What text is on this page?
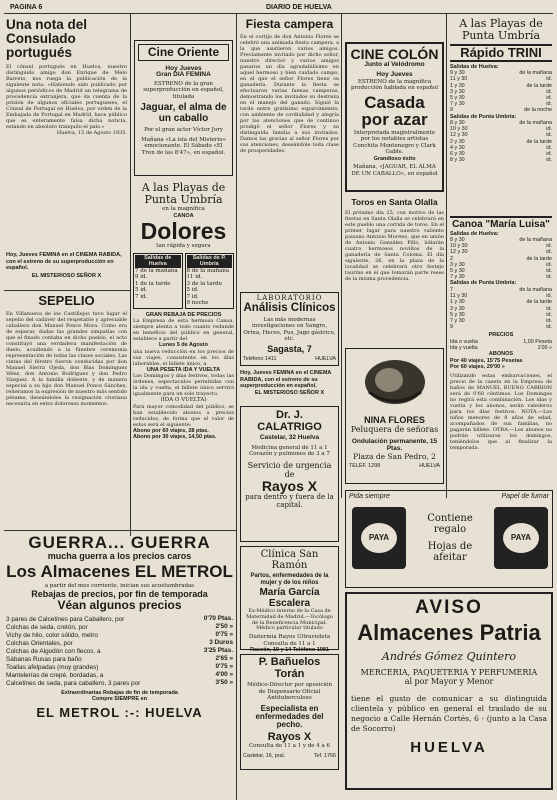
PAGINA 6	DIARIO DE HUELVA
Una nota del Consulado portugués
El cónsul portugués en Huelva, nuestro distinguido amigo don Enrique de Melo Barreto, nos ruega la publicación de la siguiente nota: «Habiendo sido publicado por algunos periódicos de Madrid un telegrama de procedencia extranjera, que da cuenta de la prisión de algunos oficiales portugueses, el Cónsul de Portugal en Huelva, por orden de la Embajada de Portugal en Madrid, hace público que es enteramente falsa dicha noticia, estando en absoluto tranquilo el país.»
Huelva, 15 de Agosto 1935.
Hoy, Jueves FEMINA en el CINEMA RABIDA, con el estreno de su superproducción en español.
EL MISTERIOSO SEÑOR X
SEPELIO
En Villanueva de los Castillejos tuvo lugar el sepelio del cadáver del respetable y apreciable caballero don Manuel Ponce Mora. Como era de esperar, dadas las grandes simpatías con que el finado contaba en dicho pueblo, el acto constituyó una verdadera manifestación de duelo, acudiendo a la fúnebre ceremonia representación de todas las clases sociales. Las cintas del féretro fueron conducidas por don Manuel Sierra Ojeda, don Blas Domínguez Vélez, don Antonio Rodríguez y don Pedro Vázquez. A la familia doliente, y de manera especial a su hijo don Manuel Ponce Sánchez, reiteramos la expresión de nuestro más sentido pésame, deseándoles la resignación cristiana necesaria en estos dolorosos momentos.
Cine Oriente
Hoy Jueves
Gran DIA FEMINA
ESTRENO de la gran superproducción en español, titulada
Jaguar, el alma de un caballo
Por el gran actor Víctor Jory
Mañana «La isla del Misterio» emocionante. El Sábado «El Tren de las 8'47», en español.
A las Playas de Punta Umbría
en la magnífica
CANOA
Dolores
tan rápida y segura
Salidas de Huelva
7 de la mañana
9 id.
1 de la tarde
5 id.
7 id.
Salidas de P. Umbría
8 de la mañana
11 id.
3 de la tarde
5 id.
7 id.
9 noche
GRAN REBAJA DE PRECIOS
La Empresa de esta hermosa Canoa, siempre atenta a todo cuanto redunde en beneficio del público en general, establece a partir del
Lunes 5 de Agosto
una nueva reducción en los precios de sus viajes, consistente en los días laborables, el billete único, a
UNA PESETA IDA Y VUELTA
Los Domingos y días festivos, todas las órdenes, espectaculos permitidas con la ida y vuelta, el billete único servirá igualmente para un solo trayecto.
(IDA O VUELTA)
Para mayor comodidad del público, se han establecido abonos a precios reducidos, de forma que el valor de estos será el siguiente:
Abono por 60 viajes, 28 ptas.
Abono por 30 viajes, 14,50 ptas.
Fiesta campera
En el cortijo de don Antonio Flores se celebró una animada fiesta campera, a la que asistieron varios amigos. Previamente invitado por dicho señor, nuestro director y varios amigos pasaron un día agradabilísimo en aquel hermoso y bien cuidado campo, en el que el señor Flores tiene su ganadería. Durante la fiesta se efectuaron varias faenas camperas, demostrando los invitados su destreza en el manejo del ganado. Siguió la tarde entre gratísimo esparcimiento, con ambiente de cordialidad y alegría por las atenciones que de continuo prodigó el señor Flores y su distinguida familia a sus invitados. Damos las gracias al señor Flores por sus atenciones, deseándole toda clase de prosperidades.
LABORATORIO
Análisis Clínicos
Las más modernas investigaciones en Sangre, Orina, Heces, Pus, Jugo gástrico, etc.
Sagasta, 7
Teléfono 1411	HUELVA
Hoy, Jueves FEMINA en el CINEMA RABIDA, con el estreno de su superproducción en español,
EL MISTERIOSO SEÑOR X
Dr. J. CALATRIGO
Castelar, 32 Huelva
Medicina general de 11 a 1
Corazón y pulmones de 3 a 7
Servicio de urgencia de
Rayos X
para dentro y fuera de la capital.
CINE COLÓN
Junto al Velódromo
Hoy Jueves
ESTRENO de la magnífica producción hablada en español
Casada por azar
Interpretada magistralmente por los notables artistas Conchita Montenegro y Clark Gable.
Grandioso éxito
Mañana, «JAGUAR, EL ALMA DE UN CABALLO», en español
Toros en Santa Olalla
El próximo día 25, con motivo de las fiestas en Santa Olalla se celebrará en este pueblo una corrida de toros. En el primer lugar para nuestro valiente paisano Antonio Moreno, que en unión de Antonio González Pillo, lidiarán cuatro hermosos novillos de la ganadería de Santa Coloma. El día siguiente, 26, en la plaza de la localidad se celebrará otro festejo taurino en el que tomarán parte reses de la misma procedencia.
NINA FLORES
Peluquera de señoras
Ondulación permanente, 15 Ptas.
Plaza de San Pedro, 2
TELÉF. 1298	HUELVA
A las Playas de
Punta Umbría
Rápido TRINI
Salidas de Huelva:
9 y 30	de la mañana
11 y 30	id.
1 y 30	de la tarde
3 y 30	id.
5 y 30	id.
7 y 30	id.
9	de la noche
Salidas de Punta Umbría:
8 y 30	de la mañana
10 y 30	id.
12 y 30	id.
2 y 30	de la tarde
4 y 30	id.
6 y 30	id.
8 y 30	id.
Canoa "María Luisa"
Salidas de Huelva:
8 y 30	de la mañana
10 y 30	id.
12 y 30	id.
2	de la tarde
3 y 30	id.
5 y 30	id.
7 y 30	id.
Salidas de Punta Umbría:
7	de la mañana
11 y 30	id.
1 y 30	de la tarde
3 y 30	id.
5 y 30	id.
7 y 30	id.
9	id.
PRECIOS
Ida o vuelta	1,00 Peseta
Ida y vuelta	1'00 »
ABONOS
Por 40 viajes, 15'75 Pesetas
Por 60 viajes, 29'00 »
Utilizando estas embarcaciones, el precio de la caseta en la Empresa de baños de MANUEL BUENO CARRION será de 0'60 céntimos. Los Domingos no regirá esta combinación. Los idas y vuelta y los abonos, serán valederos para los días festivos. NOTA.—Los niños menores de 8 años de edad, acompañados de sus familias, no pagarán billete. OTRA.—Los abonos no podrán utilizarse los domingos, teniéndolos que al finalizar la temporada.
Pida siempre	Papel de fumar
PAYA	PAYA
Contiene
regalo
Hojas de
afeitar
GUERRA... GUERRA
mucha guerra a los precios caros
Los Almacenes EL METROL
a partir del mes corriente, inician sus acostumbradas
Rebajas de precios, por fin de temporada
Véan algunos precios
3 pares de Calcetines para Caballero, por	0'70 Ptas.
Colchas de seda, cretón, por	2'50 »
Vichy de hilo, color sólido, metro	0'75 »
Colchas Orientales, por	3 Duros
Colchas de Algodón con flecos, a	3'25 Ptas.
Sábanas Rusas para baño	2'65 »
Toallas afelpadas (muy grandes)	0'75 »
Mantelerías de crepé, bordadas, a	4'00 »
Calcetines de seda, para caballero, 3 pares por	3'50 »
Extraordinarias Rebajas de fin de temporada
Compre SIEMPRE en
EL METROL :-: HUELVA
Clínica San Ramón
Partos, enfermedades de la mujer y de los niños
María García Escalera
Ex-Médico interno de la Casa de Maternidad de Madrid.—Tocólogo de la Beneficencia Municipal. Médico particular titulado
Diatermia Rayos Ultravioleta
Consulta de 11 a 1
Rascón, 19 y 14 Teléfono 1981
P. Bañuelos Torán
Médico-Director por oposición de Dispensario Oficial Antituberculoso
Especialista en enfermedades del pecho.
Rayos X
Consulta de 11 a 1 y de 4 a 6
Castelar, 16, pral.	Tef. 1766
AVISO
Almacenes Patria
Andrés Gómez Quintero
MERCERIA, PAQUETERIA Y PERFUMERIA
al por Mayor y Menor
tiene el gusto de comunicar a su distinguida clientela y público en general el traslado de su negocio a Calle Hernán Cortés, 6 - (junto a la Casa de Socorro)
HUELVA
